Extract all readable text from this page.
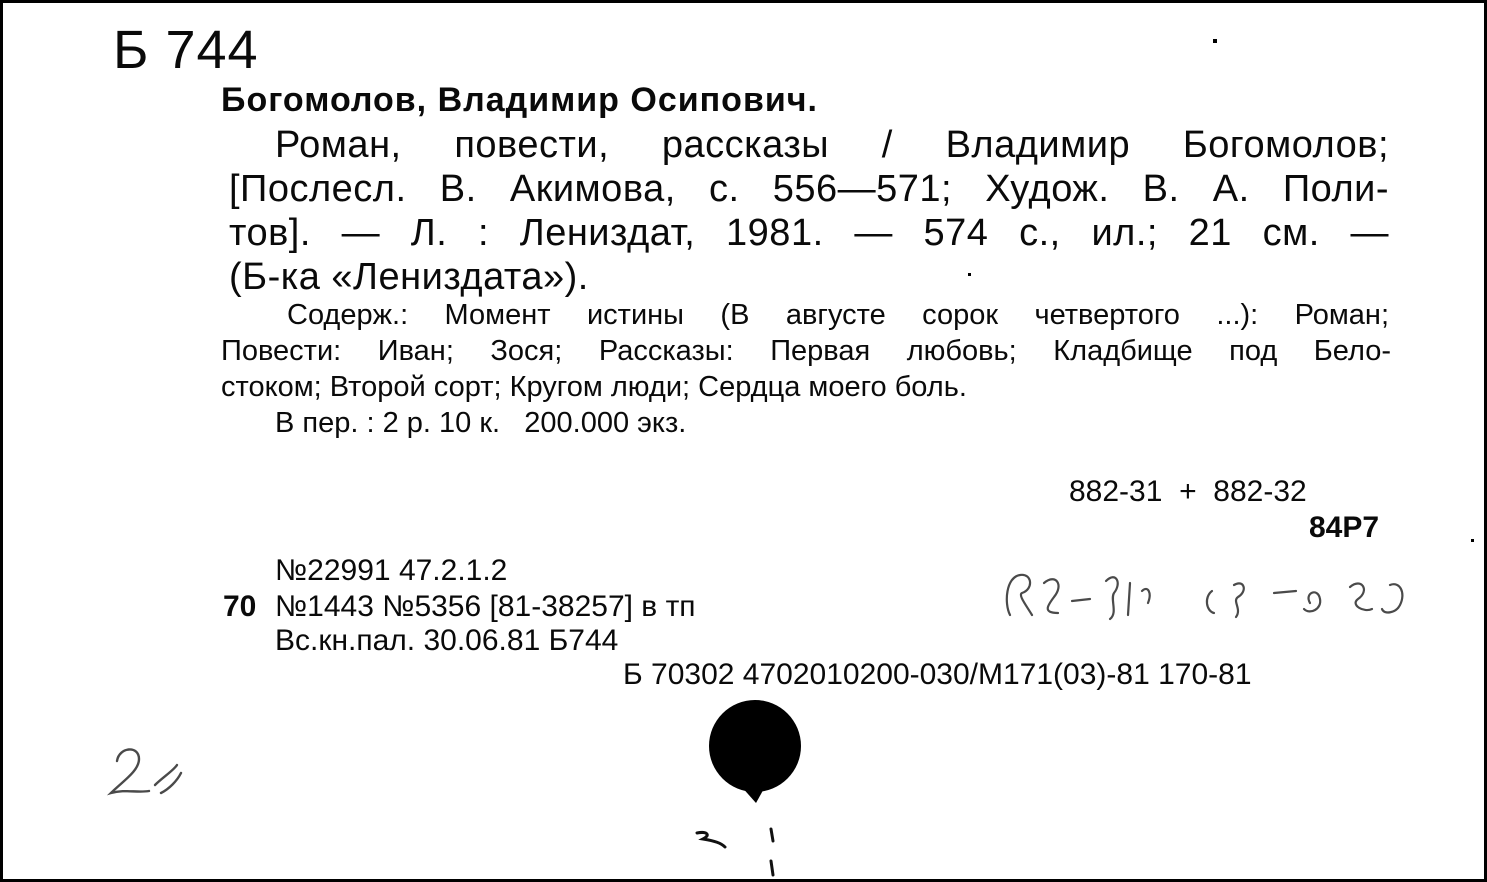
Б 744
Богомолов, Владимир Осипович.
Роман, повести, рассказы / Владимир Богомолов;
[Послесл. В. Акимова, с. 556—571; Худож. В. А. Поли-
тов]. — Л. : Лениздат, 1981. — 574 с., ил.; 21 см. —
(Б-ка «Лениздата»).
Содерж.: Момент истины (В августе сорок четвертого ...): Роман;
Повести: Иван; Зося; Рассказы: Первая любовь; Кладбище под Бело-
стоком; Второй сорт; Кругом люди; Сердца моего боль.
В пер. : 2 р. 10 к.   200.000 экз.
882-31  +  882-32
84Р7
№22991 47.2.1.2
70 №1443 №5356 [81-38257] в тп
Вс.кн.пал. 30.06.81 Б744
Б 70302 4702010200-030/М171(03)-81 170-81
